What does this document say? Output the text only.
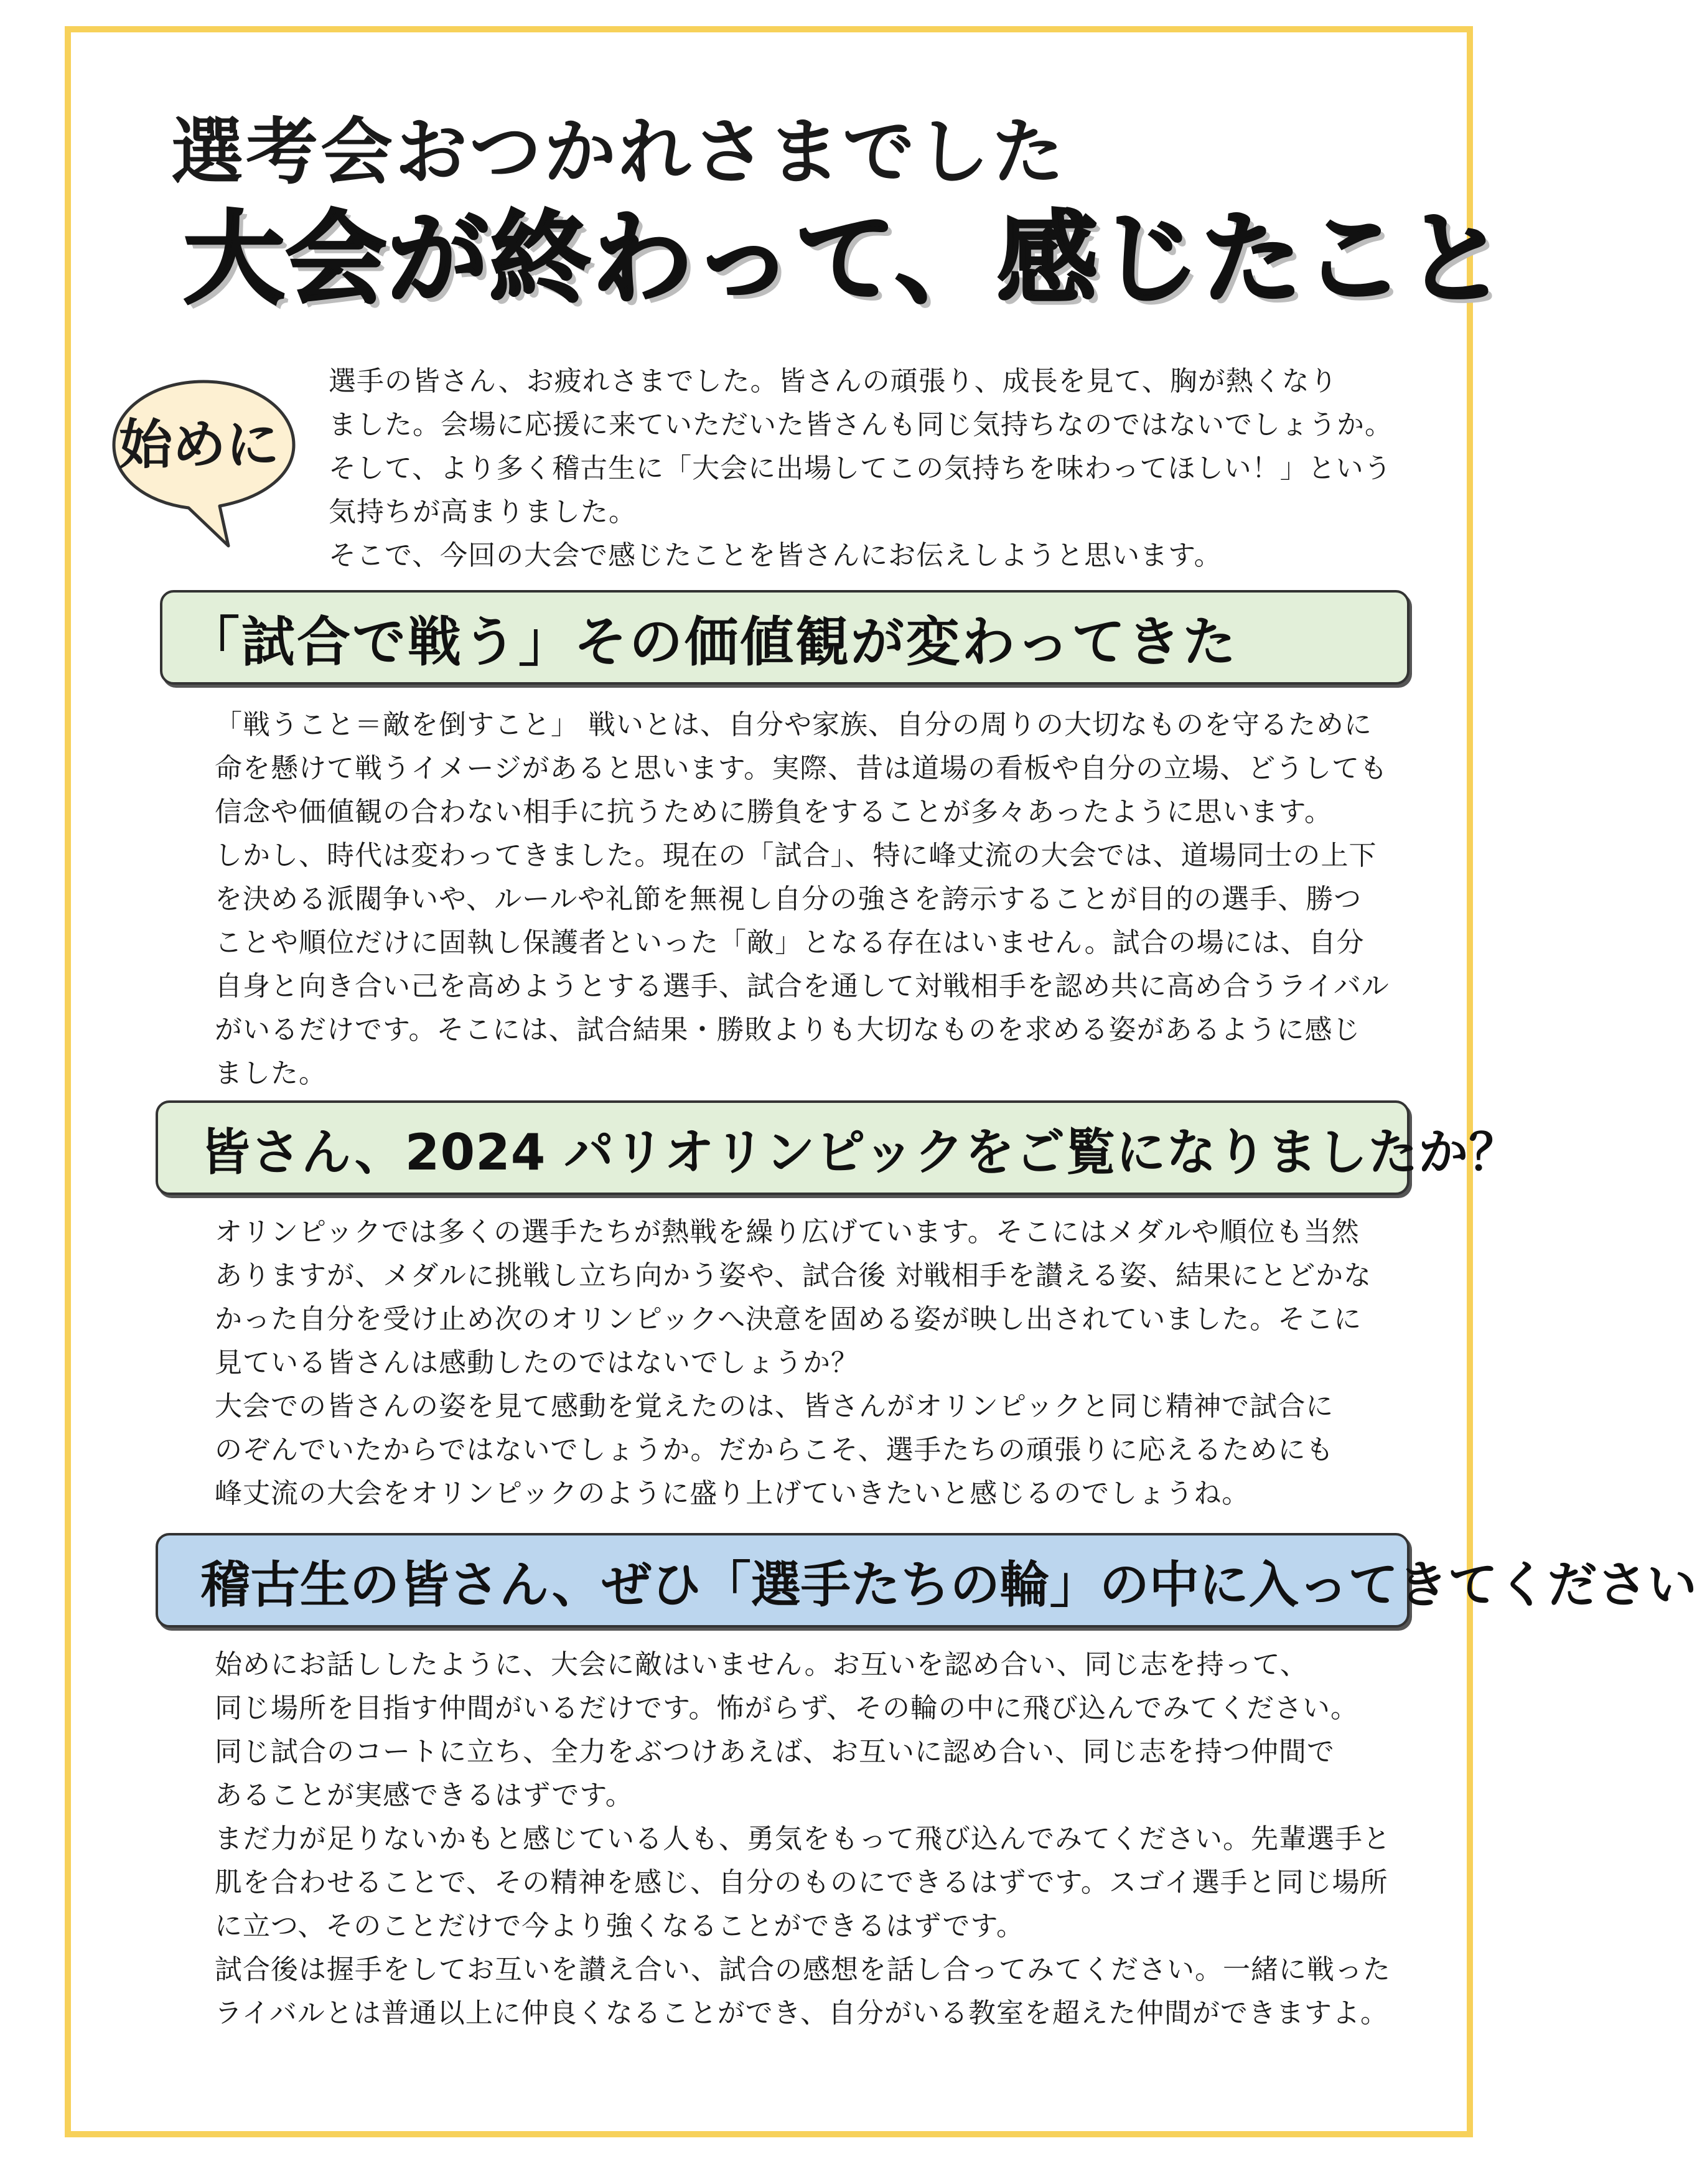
選考会おつかれさまでした
大会が終わって、感じたこと
始めに
選手の皆さん、お疲れさまでした。皆さんの頑張り、成長を見て、胸が熱くなり
ました。会場に応援に来ていただいた皆さんも同じ気持ちなのではないでしょうか。
そして、より多く稽古生に「大会に出場してこの気持ちを味わってほしい！」という
気持ちが高まりました。
そこで、今回の大会で感じたことを皆さんにお伝えしようと思います。
「試合で戦う」その価値観が変わってきた
「戦うこと＝敵を倒すこと」 戦いとは、自分や家族、自分の周りの大切なものを守るために
命を懸けて戦うイメージがあると思います。実際、昔は道場の看板や自分の立場、どうしても
信念や価値観の合わない相手に抗うために勝負をすることが多々あったように思います。
しかし、時代は変わってきました。現在の「試合」、特に峰丈流の大会では、道場同士の上下
を決める派閥争いや、ルールや礼節を無視し自分の強さを誇示することが目的の選手、勝つ
ことや順位だけに固執し保護者といった「敵」となる存在はいません。試合の場には、自分
自身と向き合い己を高めようとする選手、試合を通して対戦相手を認め共に高め合うライバル
がいるだけです。そこには、試合結果・勝敗よりも大切なものを求める姿があるように感じ
ました。
皆さん、2024 パリオリンピックをご覧になりましたか？
オリンピックでは多くの選手たちが熱戦を繰り広げています。そこにはメダルや順位も当然
ありますが、メダルに挑戦し立ち向かう姿や、試合後 対戦相手を讃える姿、結果にとどかな
かった自分を受け止め次のオリンピックへ決意を固める姿が映し出されていました。そこに
見ている皆さんは感動したのではないでしょうか？
大会での皆さんの姿を見て感動を覚えたのは、皆さんがオリンピックと同じ精神で試合に
のぞんでいたからではないでしょうか。だからこそ、選手たちの頑張りに応えるためにも
峰丈流の大会をオリンピックのように盛り上げていきたいと感じるのでしょうね。
稽古生の皆さん、ぜひ「選手たちの輪」の中に入ってきてください
始めにお話ししたように、大会に敵はいません。お互いを認め合い、同じ志を持って、
同じ場所を目指す仲間がいるだけです。怖がらず、その輪の中に飛び込んでみてください。
同じ試合のコートに立ち、全力をぶつけあえば、お互いに認め合い、同じ志を持つ仲間で
あることが実感できるはずです。
まだ力が足りないかもと感じている人も、勇気をもって飛び込んでみてください。先輩選手と
肌を合わせることで、その精神を感じ、自分のものにできるはずです。スゴイ選手と同じ場所
に立つ、そのことだけで今より強くなることができるはずです。
試合後は握手をしてお互いを讃え合い、試合の感想を話し合ってみてください。一緒に戦った
ライバルとは普通以上に仲良くなることができ、自分がいる教室を超えた仲間ができますよ。
